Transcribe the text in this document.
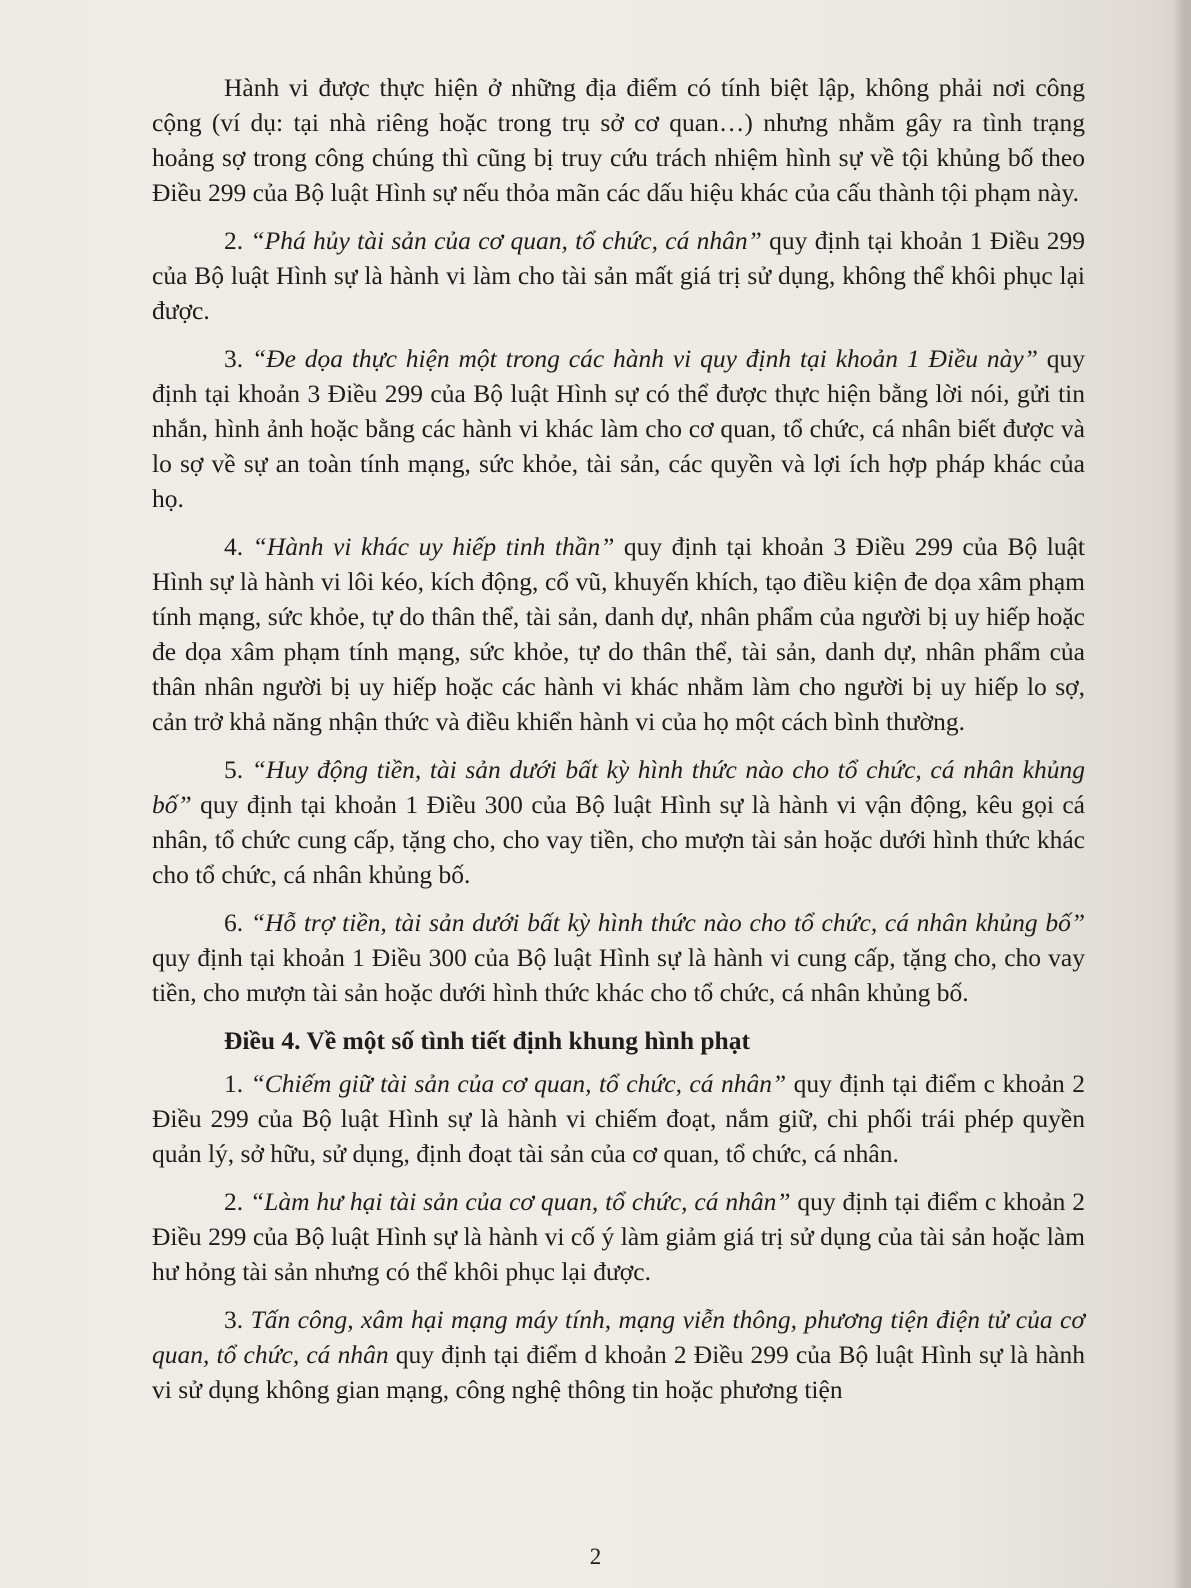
Hành vi được thực hiện ở những địa điểm có tính biệt lập, không phải nơi công cộng (ví dụ: tại nhà riêng hoặc trong trụ sở cơ quan…) nhưng nhằm gây ra tình trạng hoảng sợ trong công chúng thì cũng bị truy cứu trách nhiệm hình sự về tội khủng bố theo Điều 299 của Bộ luật Hình sự nếu thỏa mãn các dấu hiệu khác của cấu thành tội phạm này.

2. “Phá hủy tài sản của cơ quan, tổ chức, cá nhân” quy định tại khoản 1 Điều 299 của Bộ luật Hình sự là hành vi làm cho tài sản mất giá trị sử dụng, không thể khôi phục lại được.

3. “Đe dọa thực hiện một trong các hành vi quy định tại khoản 1 Điều này” quy định tại khoản 3 Điều 299 của Bộ luật Hình sự có thể được thực hiện bằng lời nói, gửi tin nhắn, hình ảnh hoặc bằng các hành vi khác làm cho cơ quan, tổ chức, cá nhân biết được và lo sợ về sự an toàn tính mạng, sức khỏe, tài sản, các quyền và lợi ích hợp pháp khác của họ.

4. “Hành vi khác uy hiếp tinh thần” quy định tại khoản 3 Điều 299 của Bộ luật Hình sự là hành vi lôi kéo, kích động, cổ vũ, khuyến khích, tạo điều kiện đe dọa xâm phạm tính mạng, sức khỏe, tự do thân thể, tài sản, danh dự, nhân phẩm của người bị uy hiếp hoặc đe dọa xâm phạm tính mạng, sức khỏe, tự do thân thể, tài sản, danh dự, nhân phẩm của thân nhân người bị uy hiếp hoặc các hành vi khác nhằm làm cho người bị uy hiếp lo sợ, cản trở khả năng nhận thức và điều khiển hành vi của họ một cách bình thường.

5. “Huy động tiền, tài sản dưới bất kỳ hình thức nào cho tổ chức, cá nhân khủng bố” quy định tại khoản 1 Điều 300 của Bộ luật Hình sự là hành vi vận động, kêu gọi cá nhân, tổ chức cung cấp, tặng cho, cho vay tiền, cho mượn tài sản hoặc dưới hình thức khác cho tổ chức, cá nhân khủng bố.

6. “Hỗ trợ tiền, tài sản dưới bất kỳ hình thức nào cho tổ chức, cá nhân khủng bố” quy định tại khoản 1 Điều 300 của Bộ luật Hình sự là hành vi cung cấp, tặng cho, cho vay tiền, cho mượn tài sản hoặc dưới hình thức khác cho tổ chức, cá nhân khủng bố.

Điều 4. Về một số tình tiết định khung hình phạt

1. “Chiếm giữ tài sản của cơ quan, tổ chức, cá nhân” quy định tại điểm c khoản 2 Điều 299 của Bộ luật Hình sự là hành vi chiếm đoạt, nắm giữ, chi phối trái phép quyền quản lý, sở hữu, sử dụng, định đoạt tài sản của cơ quan, tổ chức, cá nhân.

2. “Làm hư hại tài sản của cơ quan, tổ chức, cá nhân” quy định tại điểm c khoản 2 Điều 299 của Bộ luật Hình sự là hành vi cố ý làm giảm giá trị sử dụng của tài sản hoặc làm hư hỏng tài sản nhưng có thể khôi phục lại được.

3. Tấn công, xâm hại mạng máy tính, mạng viễn thông, phương tiện điện tử của cơ quan, tổ chức, cá nhân quy định tại điểm d khoản 2 Điều 299 của Bộ luật Hình sự là hành vi sử dụng không gian mạng, công nghệ thông tin hoặc phương tiện

2
